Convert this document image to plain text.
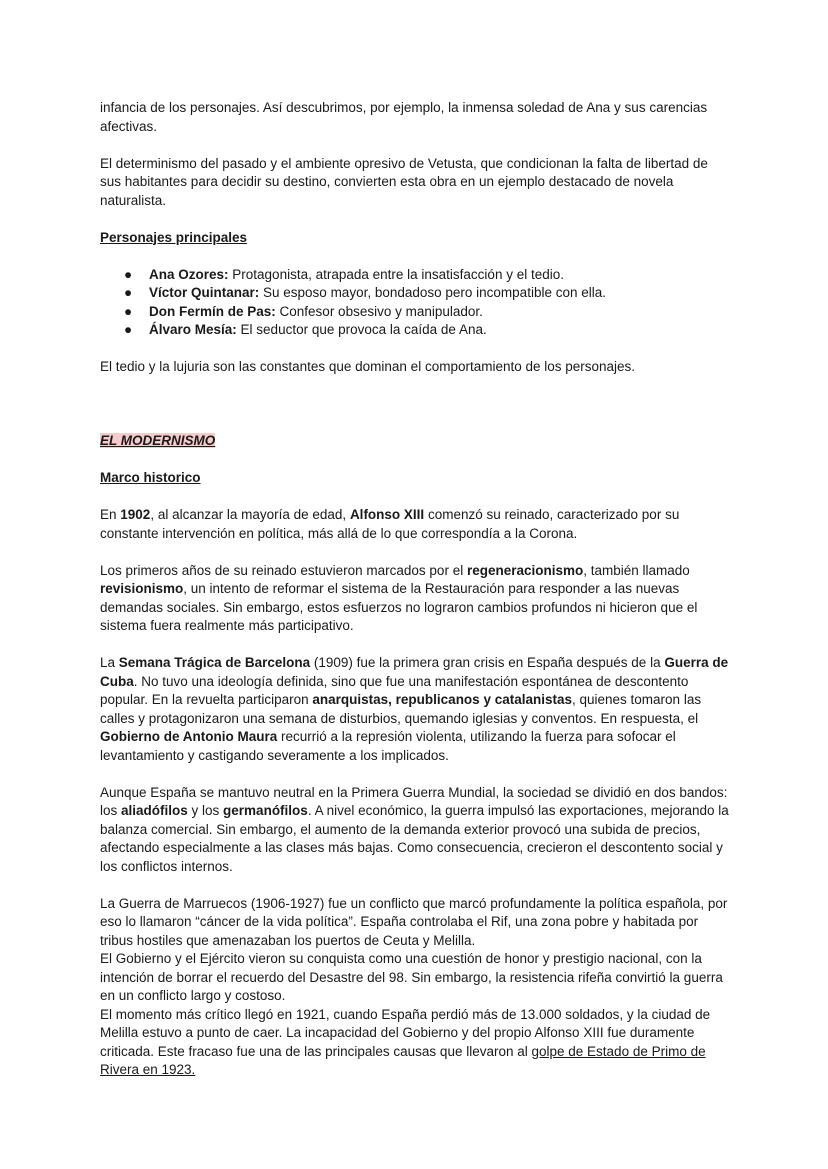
infancia de los personajes. Así descubrimos, por ejemplo, la inmensa soledad de Ana y sus carencias afectivas.

El determinismo del pasado y el ambiente opresivo de Vetusta, que condicionan la falta de libertad de sus habitantes para decidir su destino, convierten esta obra en un ejemplo destacado de novela naturalista.

Personajes principales
● Ana Ozores: Protagonista, atrapada entre la insatisfacción y el tedio.
● Víctor Quintanar: Su esposo mayor, bondadoso pero incompatible con ella.
● Don Fermín de Pas: Confesor obsesivo y manipulador.
● Álvaro Mesía: El seductor que provoca la caída de Ana.

El tedio y la lujuria son las constantes que dominan el comportamiento de los personajes.

EL MODERNISMO
Marco historico

En 1902, al alcanzar la mayoría de edad, Alfonso XIII comenzó su reinado, caracterizado por su constante intervención en política, más allá de lo que correspondía a la Corona.

Los primeros años de su reinado estuvieron marcados por el regeneracionismo, también llamado revisionismo, un intento de reformar el sistema de la Restauración para responder a las nuevas demandas sociales. Sin embargo, estos esfuerzos no lograron cambios profundos ni hicieron que el sistema fuera realmente más participativo.

La Semana Trágica de Barcelona (1909) fue la primera gran crisis en España después de la Guerra de Cuba. No tuvo una ideología definida, sino que fue una manifestación espontánea de descontento popular. En la revuelta participaron anarquistas, republicanos y catalanistas, quienes tomaron las calles y protagonizaron una semana de disturbios, quemando iglesias y conventos. En respuesta, el Gobierno de Antonio Maura recurrió a la represión violenta, utilizando la fuerza para sofocar el levantamiento y castigando severamente a los implicados.

Aunque España se mantuvo neutral en la Primera Guerra Mundial, la sociedad se dividió en dos bandos: los aliadófilos y los germanófilos. A nivel económico, la guerra impulsó las exportaciones, mejorando la balanza comercial. Sin embargo, el aumento de la demanda exterior provocó una subida de precios, afectando especialmente a las clases más bajas. Como consecuencia, crecieron el descontento social y los conflictos internos.

La Guerra de Marruecos (1906-1927) fue un conflicto que marcó profundamente la política española, por eso lo llamaron “cáncer de la vida política”. España controlaba el Rif, una zona pobre y habitada por tribus hostiles que amenazaban los puertos de Ceuta y Melilla.
El Gobierno y el Ejército vieron su conquista como una cuestión de honor y prestigio nacional, con la intención de borrar el recuerdo del Desastre del 98. Sin embargo, la resistencia rifeña convirtió la guerra en un conflicto largo y costoso.
El momento más crítico llegó en 1921, cuando España perdió más de 13.000 soldados, y la ciudad de Melilla estuvo a punto de caer. La incapacidad del Gobierno y del propio Alfonso XIII fue duramente criticada. Este fracaso fue una de las principales causas que llevaron al golpe de Estado de Primo de Rivera en 1923.
